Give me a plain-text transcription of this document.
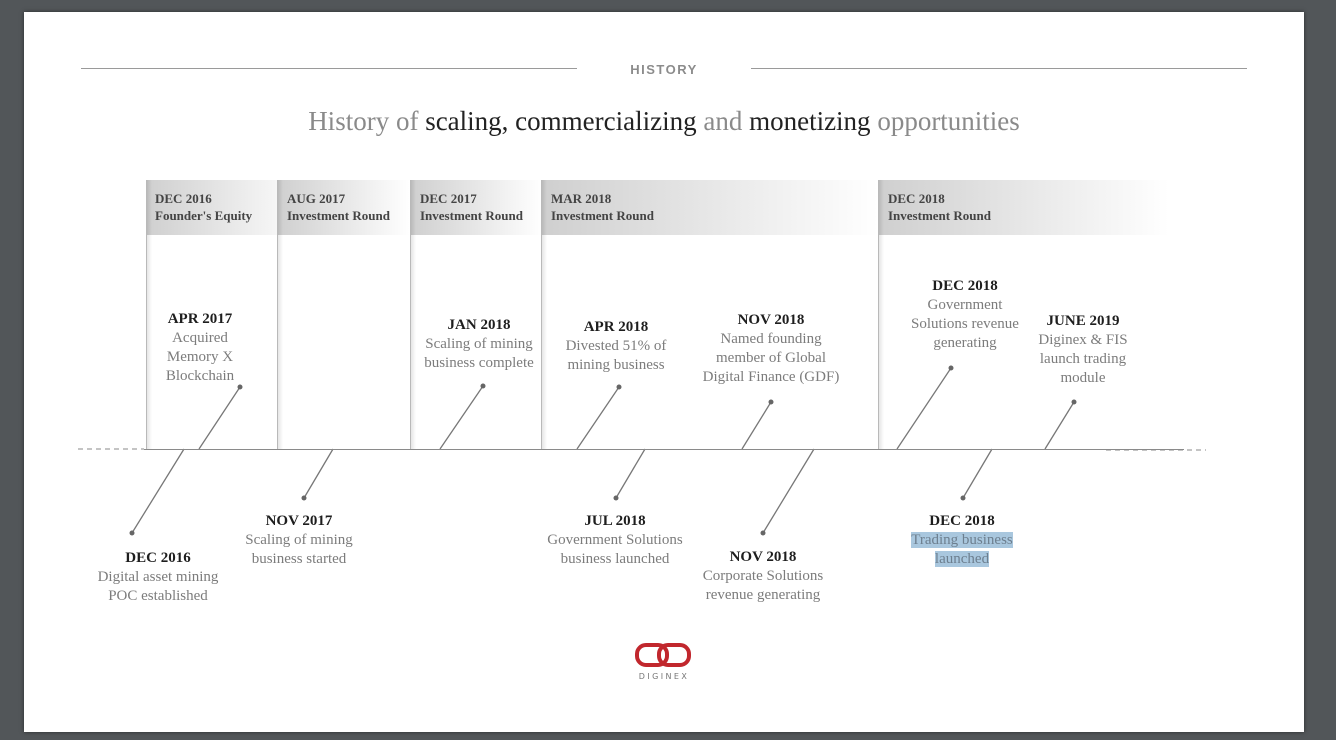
HISTORY
History of scaling, commercializing and monetizing opportunities
DEC 2016
Founder's Equity
AUG 2017
Investment Round
DEC 2017
Investment Round
MAR 2018
Investment Round
DEC 2018
Investment Round
APR 2017
Acquired
Memory X
Blockchain
JAN 2018
Scaling of mining
business complete
APR 2018
Divested 51% of
mining business
NOV 2018
Named founding
member of Global
Digital Finance (GDF)
DEC 2018
Government
Solutions revenue
generating
JUNE 2019
Diginex & FIS
launch trading
module
DEC 2016
Digital asset mining
POC established
NOV 2017
Scaling of mining
business started
JUL 2018
Government Solutions
business launched	NOV 2018
Corporate Solutions
revenue generating
DEC 2018
Trading business
launched
DIGINEX
